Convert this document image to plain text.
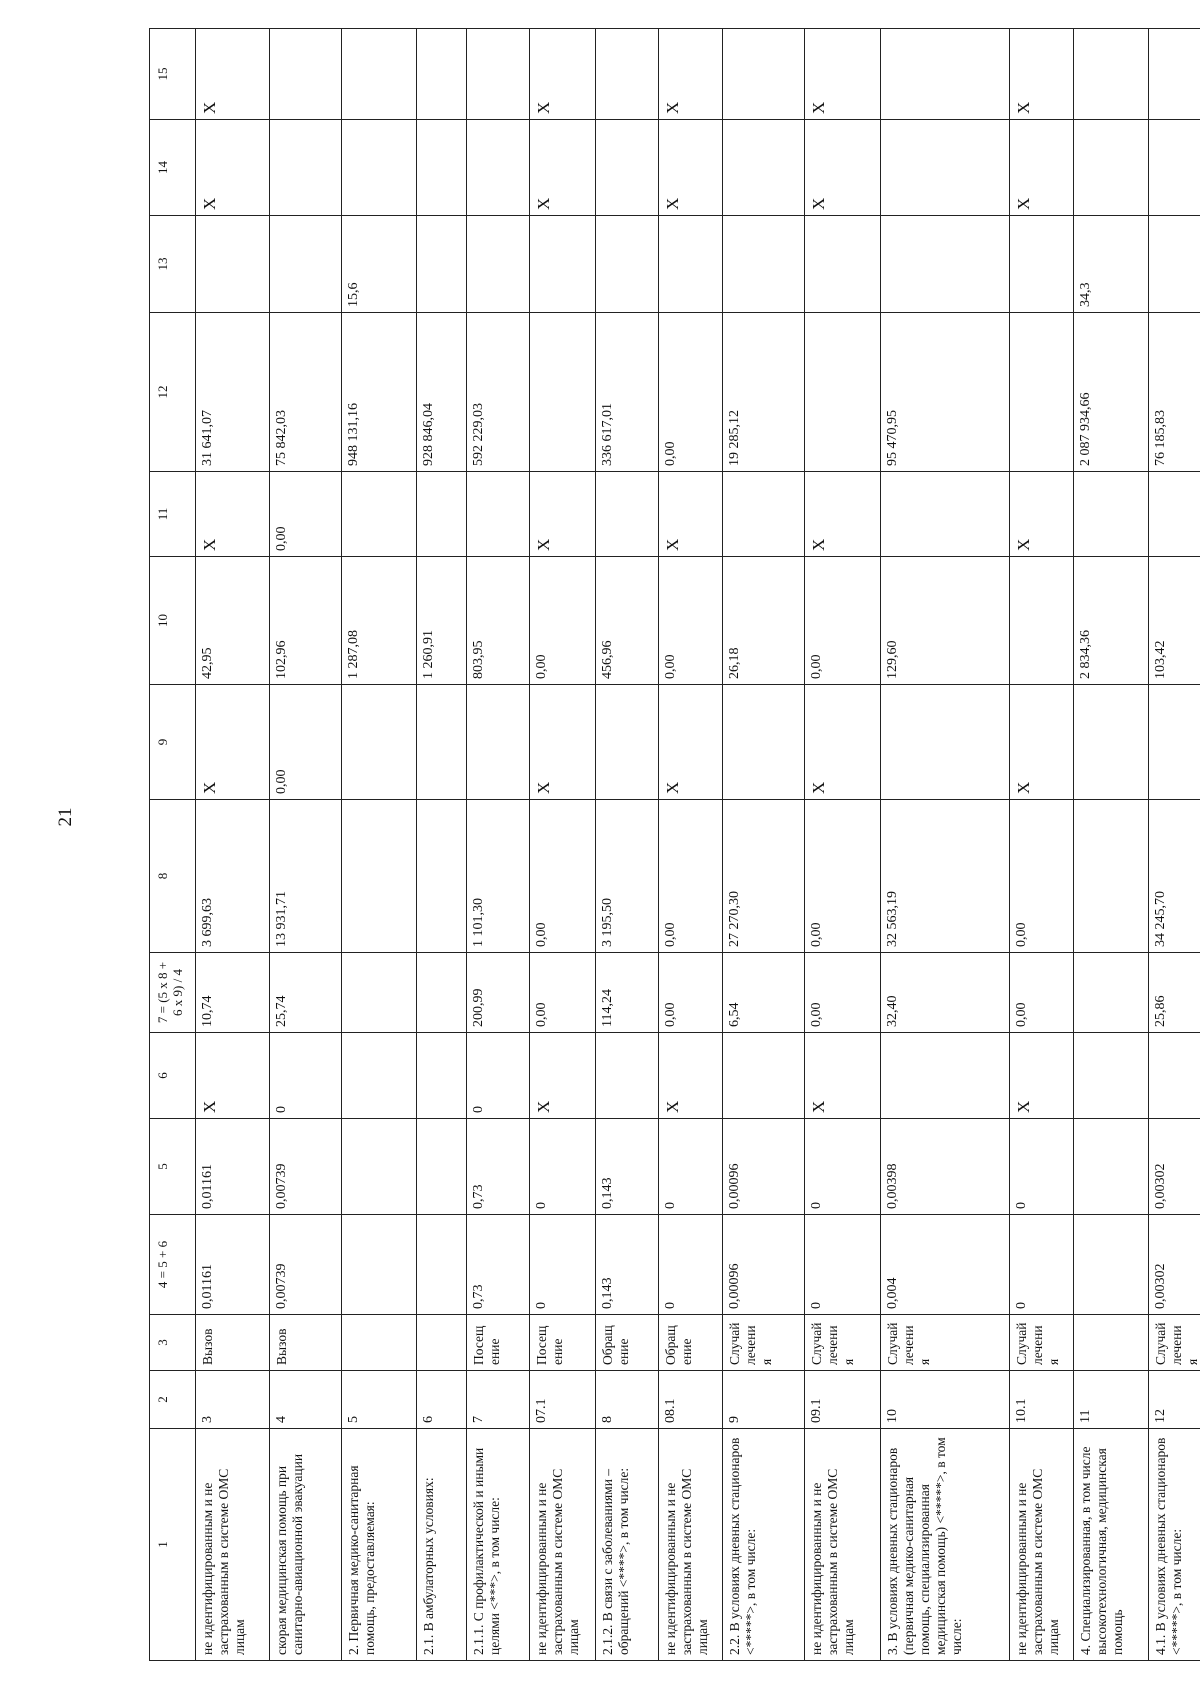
21
1	2	3	4 = 5 + 6	5	6	7 = (5 x 8 + 6 x 9) / 4	8	9	10	11	12	13	14	15
не идентифицированным и не застрахованным в системе ОМС лицам	3	Вызов	0,01161	0,01161	X	10,74	3 699,63	X	42,95	X	31 641,07		X	X
скорая медицинская помощь при санитарно-авиационной эвакуации	4	Вызов	0,00739	0,00739	0	25,74	13 931,71	0,00	102,96	0,00	75 842,03			
2. Первичная медико-санитарная помощь, предоставляемая:	5								1 287,08		948 131,16	15,6		
2.1. В амбулаторных условиях:	6								1 260,91		928 846,04			
2.1.1. С профилактической и иными целями <***>, в том числе:	7	Посещение	0,73	0,73	0	200,99	1 101,30		803,95		592 229,03			
не идентифицированным и не застрахованным в системе ОМС лицам	07.1	Посещение	0	0	X	0,00	0,00	X	0,00	X			X	X
2.1.2. В связи с заболеваниями – обращений <****>, в том числе:	8	Обращение	0,143	0,143		114,24	3 195,50		456,96		336 617,01			
не идентифицированным и не застрахованным в системе ОМС лицам	08.1	Обращение	0	0	X	0,00	0,00	X	0,00	X	0,00		X	X
2.2. В условиях дневных стационаров <*****>, в том числе:	9	Случай лечения	0,00096	0,00096		6,54	27 270,30		26,18		19 285,12			
не идентифицированным и не застрахованным в системе ОМС лицам	09.1	Случай лечения	0	0	X	0,00	0,00	X	0,00	X			X	X
3. В условиях дневных стационаров (первичная медико-санитарная помощь, специализированная медицинская помощь) <*****>, в том числе:	10	Случай лечения	0,004	0,00398		32,40	32 563,19		129,60		95 470,95			
не идентифицированным и не застрахованным в системе ОМС лицам	10.1	Случай лечения	0	0	X	0,00	0,00	X		X			X	X
4. Специализированная, в том числе высокотехнологичная, медицинская помощь	11								2 834,36		2 087 934,66	34,3		
4.1. В условиях дневных стационаров <*****>, в том числе:	12	Случай лечения	0,00302	0,00302		25,86	34 245,70		103,42		76 185,83			
